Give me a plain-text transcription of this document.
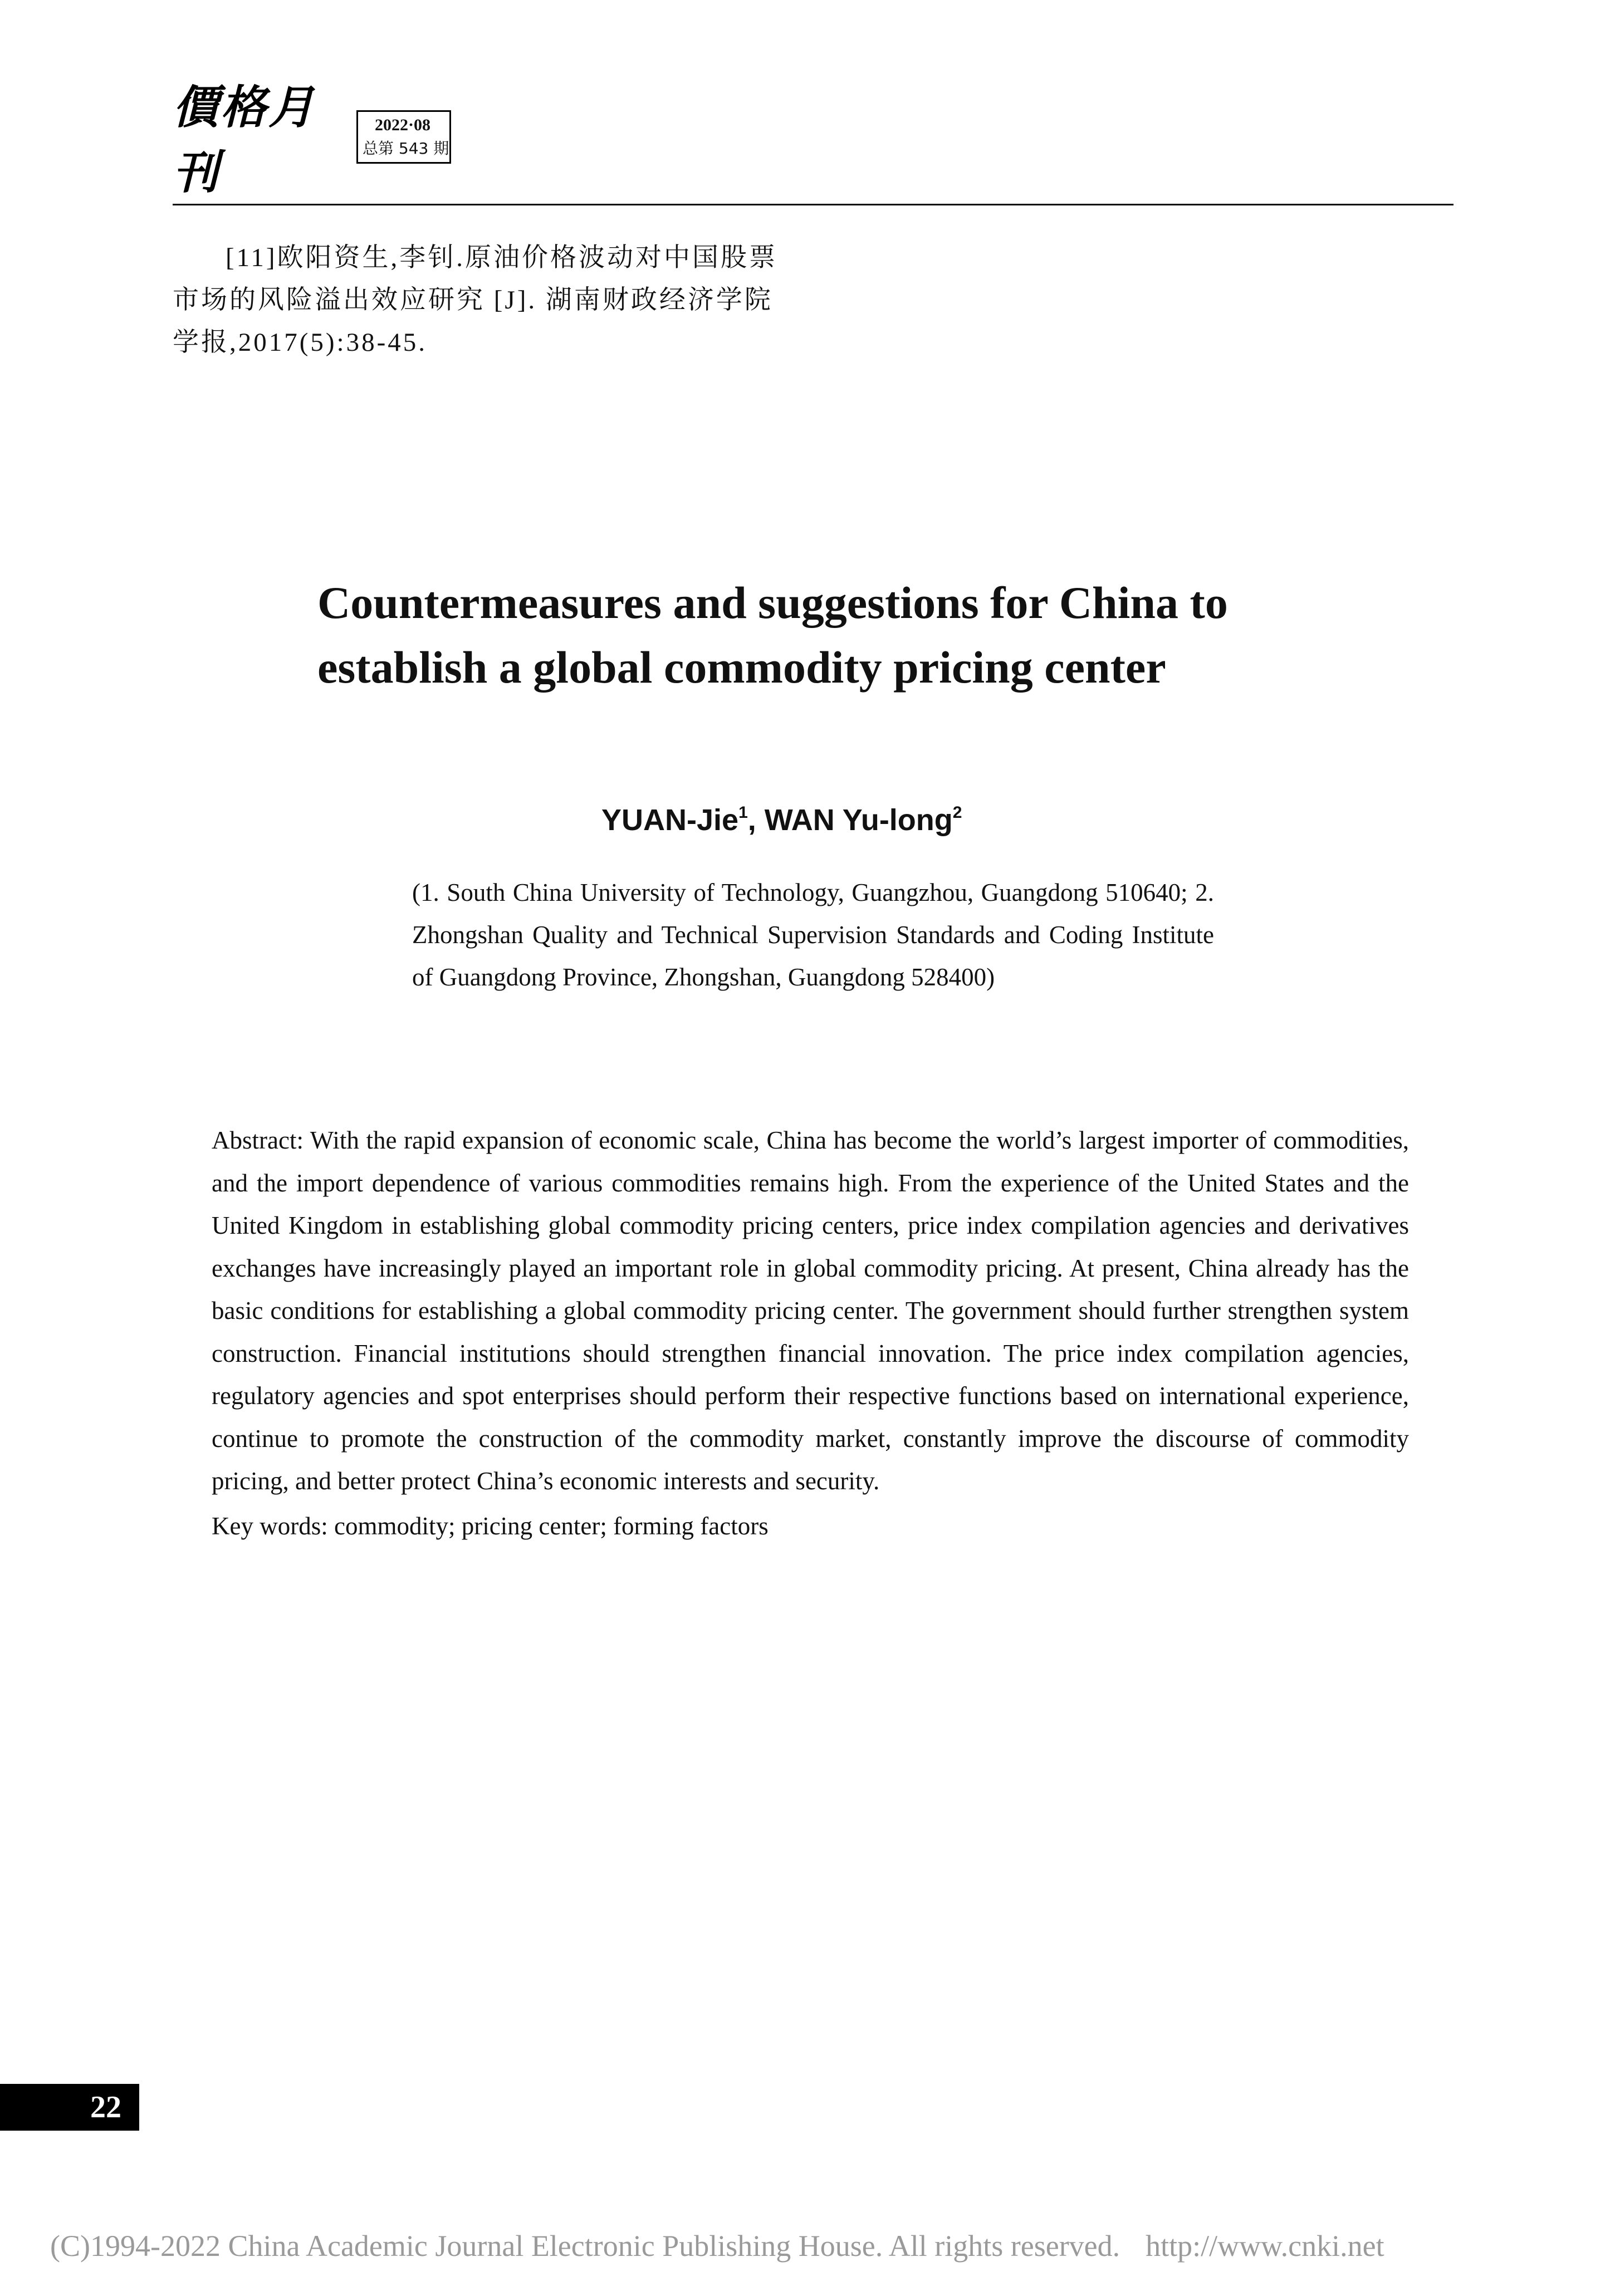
價格月刊
2022·08
总第 543 期
[11]欧阳资生,李钊.原油价格波动对中国股票市场的风险溢出效应研究 [J]. 湖南财政经济学院学报,2017(5):38-45.
Countermeasures and suggestions for China to
establish a global commodity pricing center
YUAN-Jie$^1$, WAN Yu-long$^2$
(1. South China University of Technology, Guangzhou, Guangdong 510640; 2. Zhongshan Quality and Technical Supervision Standards and Coding Institute of Guangdong Province, Zhongshan, Guangdong 528400)
Abstract: With the rapid expansion of economic scale, China has become the world’s largest importer of commodities, and the import dependence of various commodities remains high. From the experience of the United States and the United Kingdom in establishing global commodity pricing centers, price index compilation agencies and derivatives exchanges have increasingly played an important role in global commodity pricing. At present, China already has the basic conditions for establishing a global commodity pricing center. The government should further strengthen system construction. Financial institutions should strengthen financial innovation. The price index compilation agencies, regulatory agencies and spot enterprises should perform their respective functions based on international experience, continue to promote the construction of the commodity market, constantly improve the discourse of commodity pricing, and better protect China’s economic interests and security.
Key words: commodity; pricing center; forming factors
22
(C)1994-2022 China Academic Journal Electronic Publishing House. All rights reserved. http://www.cnki.net
